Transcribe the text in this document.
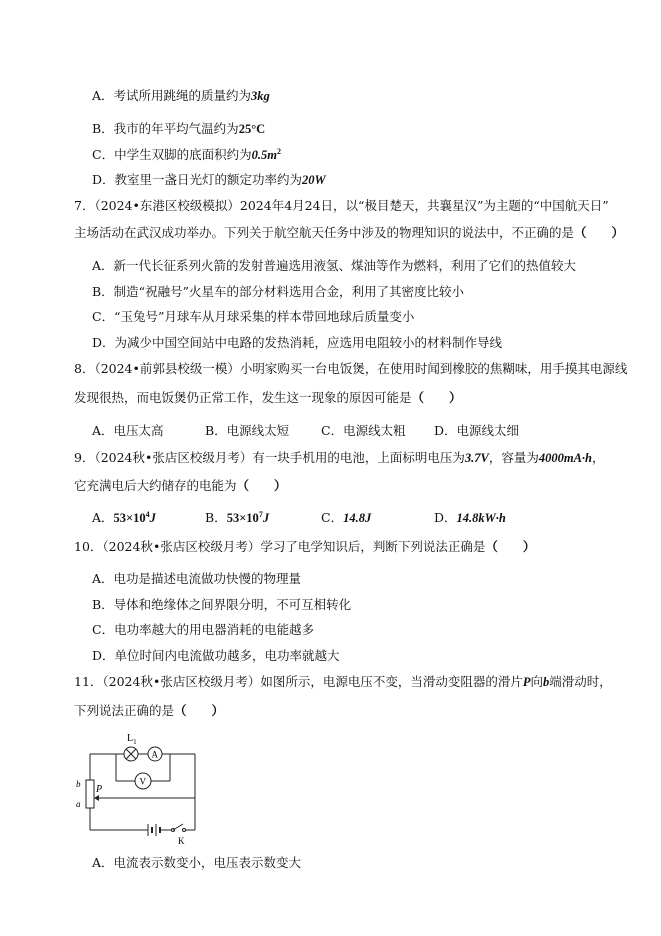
A．考试所用跳绳的质量约为3kg
B．我市的年平均气温约为25°C
C．中学生双脚的底面积约为$0.5m^2$
D．教室里一盏日光灯的额定功率约为20W
7．（2024•东港区校级模拟）2024年4月24日，以“极目楚天，共襄星汉”为主题的“中国航天日”
主场活动在武汉成功举办。下列关于航空航天任务中涉及的物理知识的说法中，不正确的是（　　）
A．新一代长征系列火箭的发射普遍选用液氢、煤油等作为燃料，利用了它们的热值较大
B．制造“祝融号”火星车的部分材料选用合金，利用了其密度比较小
C．“玉兔号”月球车从月球采集的样本带回地球后质量变小
D．为减少中国空间站中电路的发热消耗，应选用电阻较小的材料制作导线
8．（2024•前郭县校级一模）小明家购买一台电饭煲，在使用时闻到橡胶的焦糊味，用手摸其电源线
发现很热，而电饭煲仍正常工作，发生这一现象的原因可能是（　　）
A．电压太高	B．电源线太短	C．电源线太粗 D．电源线太细
9．（2024秋•张店区校级月考）有一块手机用的电池，上面标明电压为3.7V，容量为4000mA·h，
它充满电后大约储存的电能为（　　）
A．$53\times 10^4J$	B．$53\times 10^7J$	C．14.8J	D．14.8kW·h
10．（2024秋•张店区校级月考）学习了电学知识后，判断下列说法正确是（　　）
A．电功是描述电流做功快慢的物理量
B．导体和绝缘体之间界限分明，不可互相转化
C．电功率越大的用电器消耗的电能越多
D．单位时间内电流做功越多，电功率就越大
11．（2024秋•张店区校级月考）如图所示，电源电压不变，当滑动变阻器的滑片P向b端滑动时，
下列说法正确的是（　　）
$L_1$
A
V
b
a
P
K
A．电流表示数变小，电压表示数变大
